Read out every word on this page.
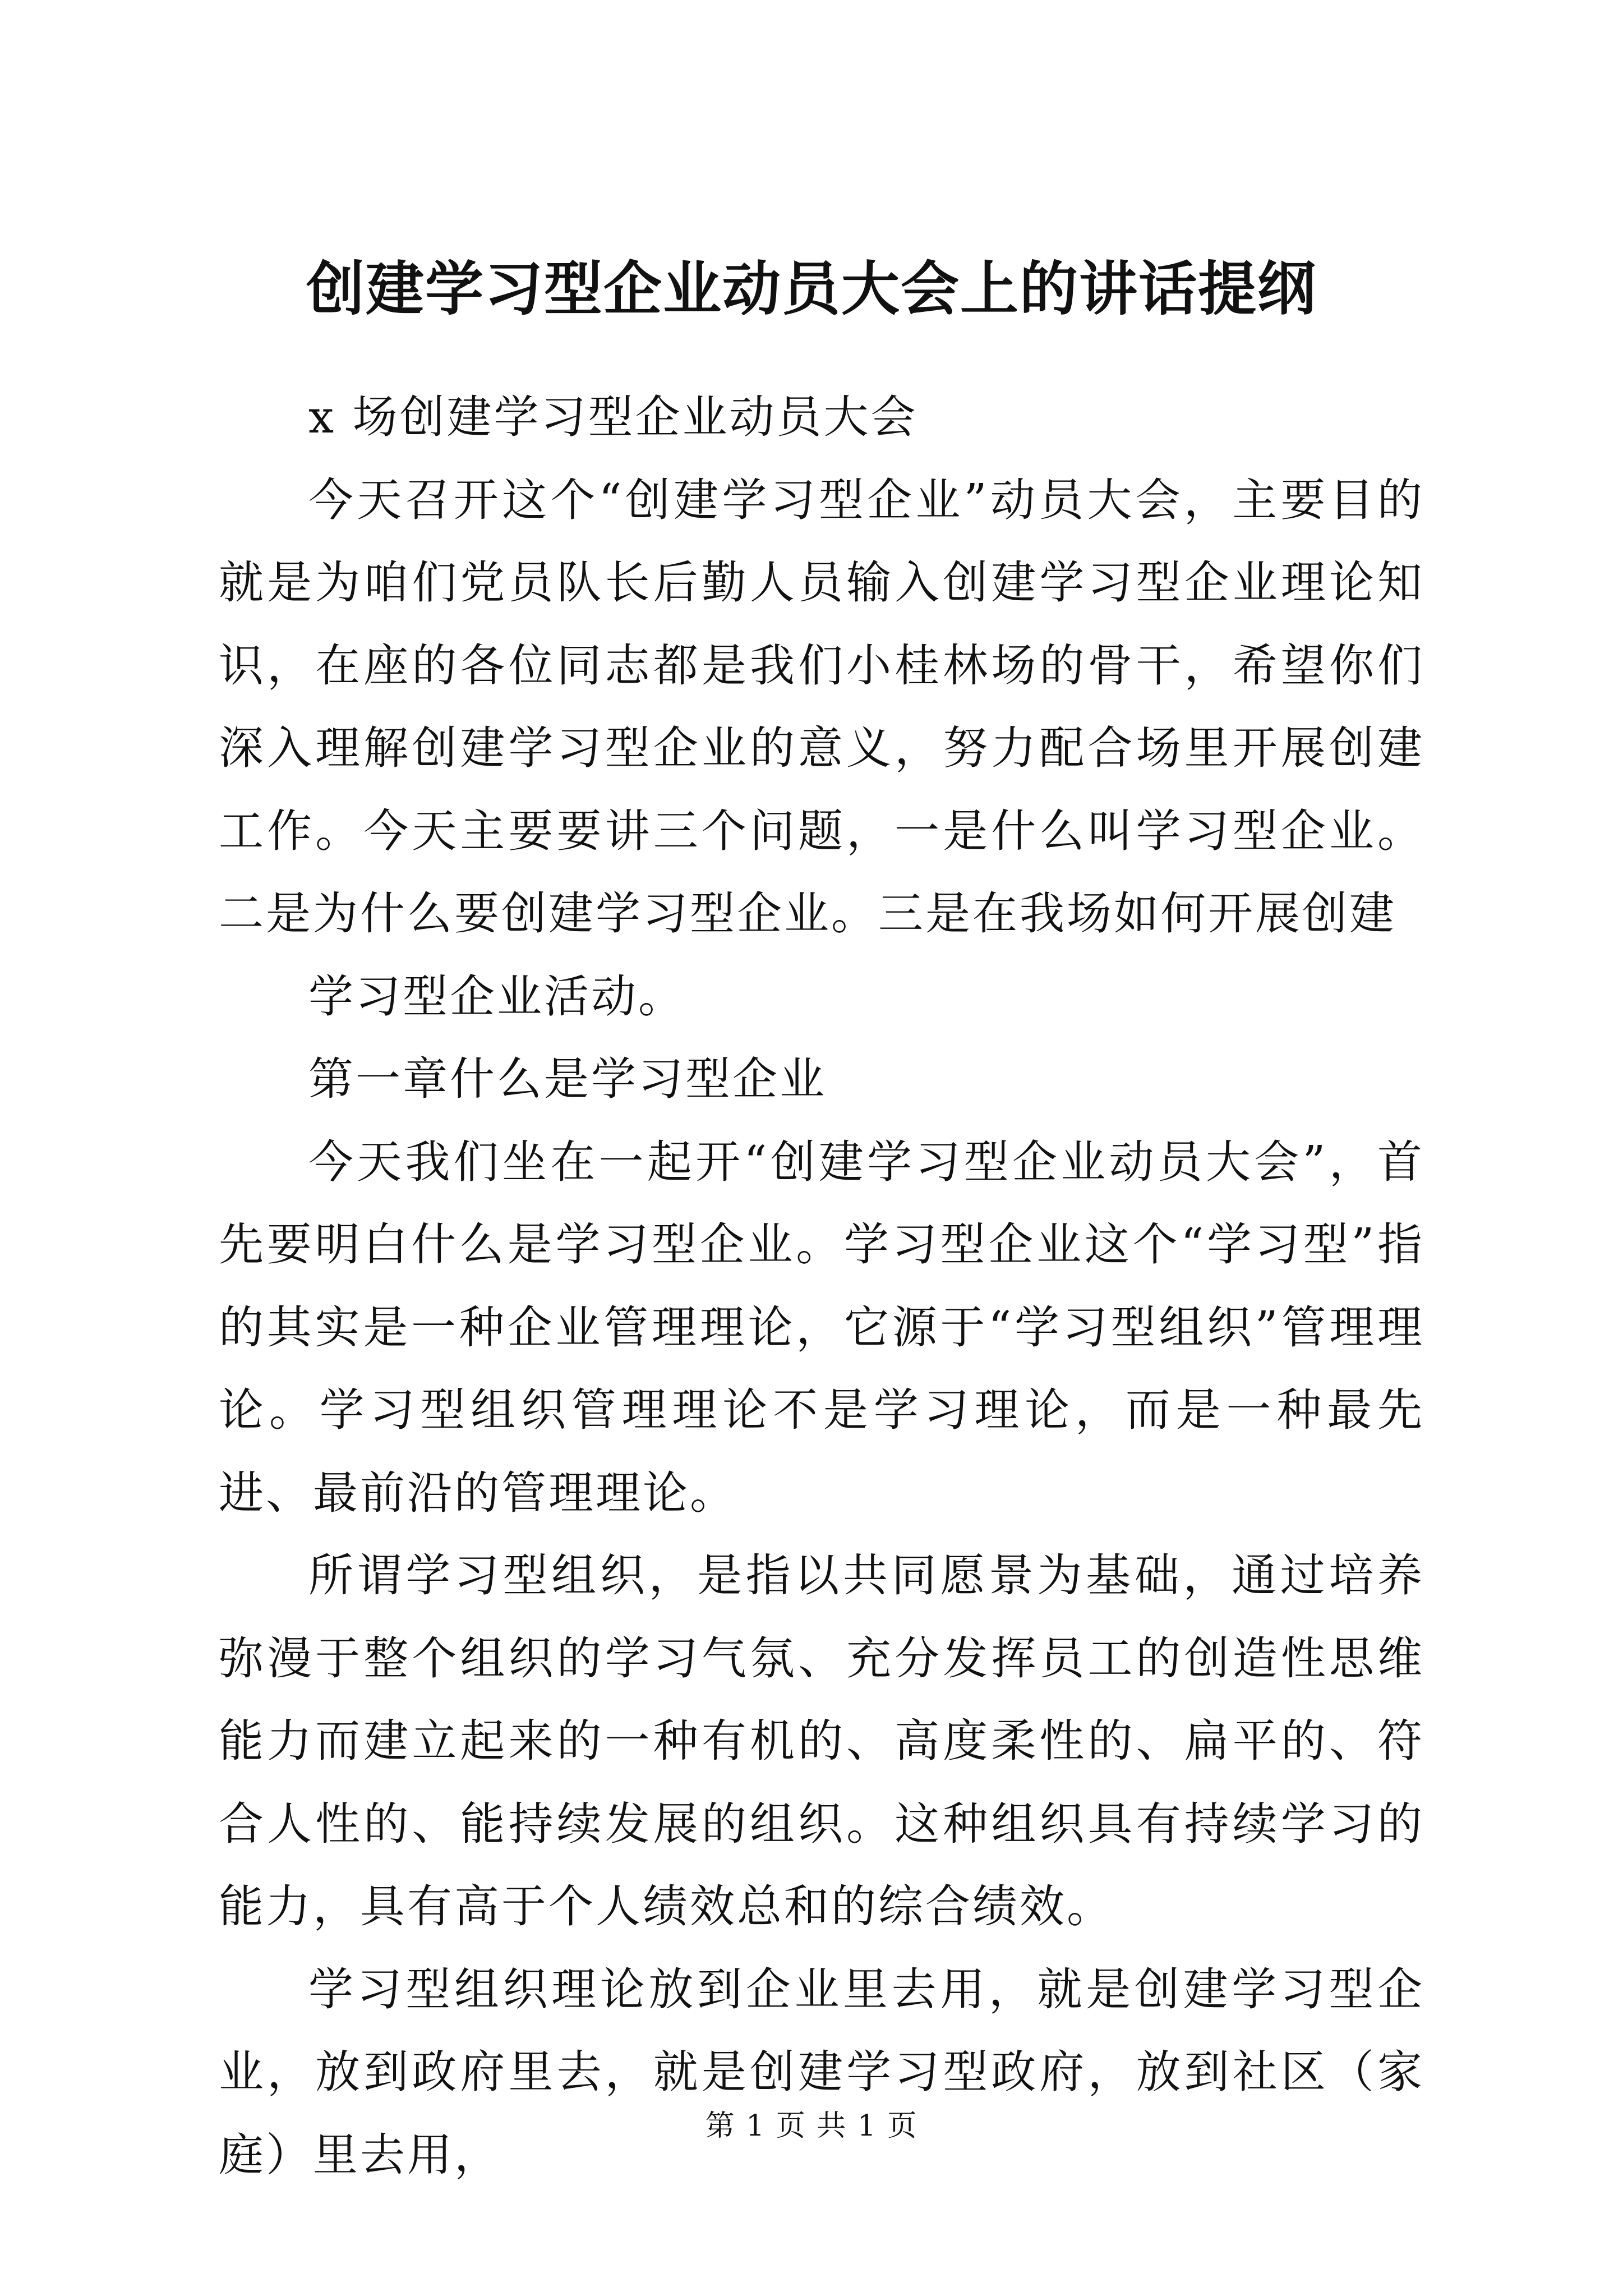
创建学习型企业动员大会上的讲话提纲

x 场创建学习型企业动员大会

今天召开这个“创建学习型企业”动员大会，主要目的就是为咱们党员队长后勤人员输入创建学习型企业理论知识，在座的各位同志都是我们小桂林场的骨干，希望你们深入理解创建学习型企业的意义，努力配合场里开展创建工作。今天主要要讲三个问题，一是什么叫学习型企业。二是为什么要创建学习型企业。三是在我场如何开展创建

学习型企业活动。

第一章什么是学习型企业

今天我们坐在一起开“创建学习型企业动员大会”，首先要明白什么是学习型企业。学习型企业这个“学习型”指的其实是一种企业管理理论，它源于“学习型组织”管理理论。学习型组织管理理论不是学习理论，而是一种最先进、最前沿的管理理论。

所谓学习型组织，是指以共同愿景为基础，通过培养弥漫于整个组织的学习气氛、充分发挥员工的创造性思维能力而建立起来的一种有机的、高度柔性的、扁平的、符合人性的、能持续发展的组织。这种组织具有持续学习的能力，具有高于个人绩效总和的综合绩效。

学习型组织理论放到企业里去用，就是创建学习型企业，放到政府里去，就是创建学习型政府，放到社区（家庭）里去用，

第 1 页 共 1 页
